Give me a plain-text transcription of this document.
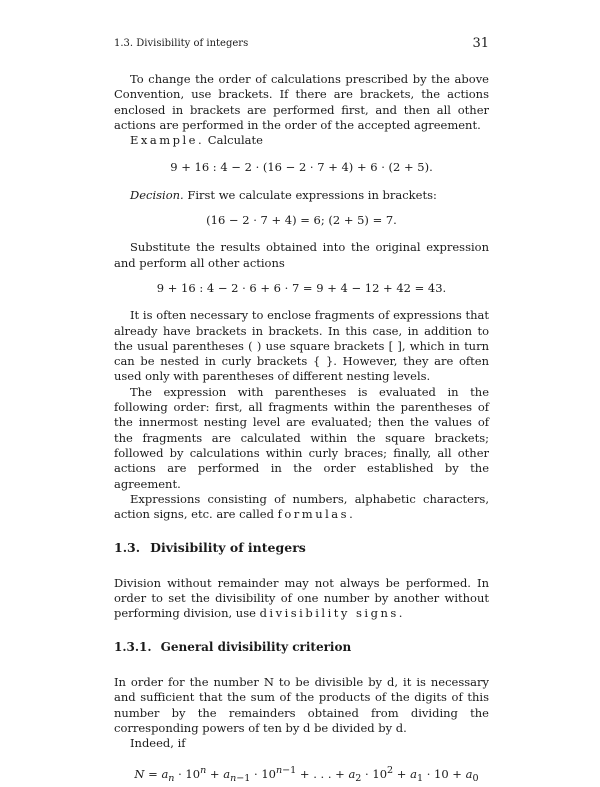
1.3. Divisibility of integers	31

To change the order of calculations prescribed by the above Convention, use brackets. If there are brackets, the actions enclosed in brackets are performed first, and then all other actions are performed in the order of the accepted agreement.

Example. Calculate

9 + 16 : 4 − 2 · (16 − 2 · 7 + 4) + 6 · (2 + 5).

Decision. First we calculate expressions in brackets:

(16 − 2 · 7 + 4) = 6; (2 + 5) = 7.

Substitute the results obtained into the original expression and perform all other actions

9 + 16 : 4 − 2 · 6 + 6 · 7 = 9 + 4 − 12 + 42 = 43.

It is often necessary to enclose fragments of expressions that already have brackets in brackets. In this case, in addition to the usual parentheses ( ) use square brackets [ ], which in turn can be nested in curly brackets { }. However, they are often used only with parentheses of different nesting levels.

The expression with parentheses is evaluated in the following order: first, all fragments within the parentheses of the innermost nesting level are evaluated; then the values of the fragments are calculated within the square brackets; followed by calculations within curly braces; finally, all other actions are performed in the order established by the agreement.

Expressions consisting of numbers, alphabetic characters, action signs, etc. are called formulas.

1.3. Divisibility of integers

Division without remainder may not always be performed. In order to set the divisibility of one number by another without performing division, use divisibility signs.

1.3.1. General divisibility criterion

In order for the number N to be divisible by d, it is necessary and sufficient that the sum of the products of the digits of this number by the remainders obtained from dividing the corresponding powers of ten by d be divided by d.

Indeed, if

$N = a_n \cdot 10^n + a_{n-1} \cdot 10^{n-1}$ + . . . + $a_2 \cdot 10^2 + a_1 \cdot 10 + a_0$
